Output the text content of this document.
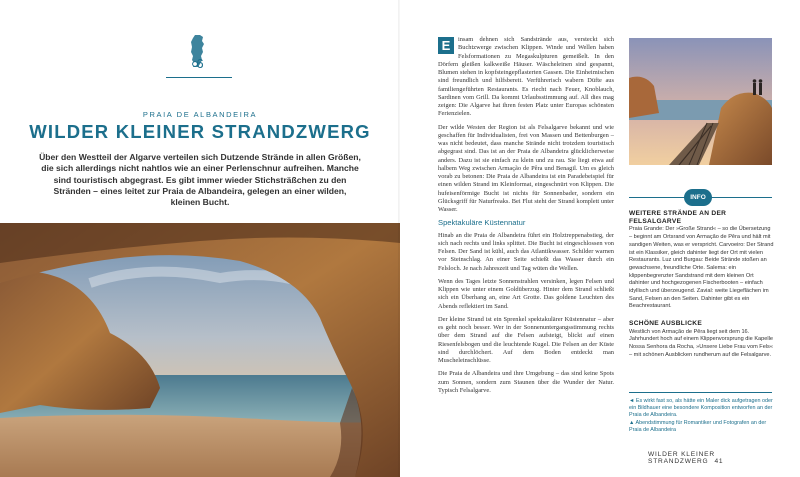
6
PRAIA DE ALBANDEIRA
WILDER KLEINER STRANDZWERG
Über den Westteil der Algarve verteilen sich Dutzende Strände in allen Größen, die sich allerdings nicht nahtlos wie an einer Perlenschnur aufreihen. Manche sind touristisch abgegrast. Es gibt immer wieder Stichsträßchen zu den Stränden – eines leitet zur Praia de Albandeira, gelegen an einer wilden, kleinen Bucht.

E	insam dehnen sich Sandstrände aus, versteckt sich Buchtzwerge zwischen Klippen. Winde und Wellen haben Felsformationen zu Megaskulpturen gemeißelt. In den Dörfern gleißen kalkweiße Häuser. Wäscheleinen sind gespannt, Blumen stehen in kopfsteingepflasterten Gassen. Die Einheimischen sind freundlich und hilfsbereit. Verführerisch wabern Düfte aus familiengeführten Restaurants. Es riecht nach Feuer, Knoblauch, Sardinen vom Grill. Da kommt Urlaubsstimmung auf. All dies mag zeigen: Die Algarve hat ihren festen Platz unter Europas schönsten Ferienzielen.

Der wilde Westen der Region ist als Felsalgarve bekannt und wie geschaffen für Individualisten, frei von Massen und Bettenburgen – was nicht bedeutet, dass manche Strände nicht trotzdem touristisch abgegrast sind. Das ist an der Praia de Albandeira glücklicherweise anders. Dazu ist sie einfach zu klein und zu rau. Sie liegt etwa auf halbem Weg zwischen Armação de Pêra und Benagil. Um es gleich vorab zu betonen: Die Praia de Albandeira ist ein Paradebeispiel für einen wilden Strand im Kleinformat, eingeschnürt von Klippen. Die hufeisenförmige Bucht ist nichts für Sonnenbader, sondern ein Glücksgriff für Naturfreaks. Bei Flut steht der Strand komplett unter Wasser.

Spektakuläre Küstennatur

Hinab an die Praia de Albandeira führt ein Holztreppenabstieg, der sich nach rechts und links splittet. Die Bucht ist eingeschlossen von Felsen. Der Sand ist kühl, auch das Atlantikwasser. Schilder warnen vor Steinschlag. An einer Seite schießt das Wasser durch ein Felsloch. Je nach Jahreszeit und Tag wüten die Wellen.

Wenn des Tages letzte Sonnenstrahlen versinken, legen Felsen und Klippen wie unter einem Goldüberzug. Hinter dem Strand schließt sich ein Überhang an, eine Art Grotte. Das goldene Leuchten des Abends reflektiert im Sand.

Der kleine Strand ist ein Sprenkel spektakulärer Küstennatur – aber es geht noch besser. Wer in der Sonnenuntergangsstimmung rechts über dem Strand auf die Felsen aufsteigt, blickt auf einen Riesenfelsbogen und die leuchtende Kugel. Die Felsen an der Küste sind durchlöchert. Auf dem Boden entdeckt man Muscheleinschlüsse.

Die Praia de Albandeira und ihre Umgebung – das sind keine Spots zum Sonnen, sondern zum Staunen über die Wunder der Natur. Typisch Felsalgarve.

INFO
WEITERE STRÄNDE AN DER FELSALGARVE
Praia Grande: Der »Große Strand« – so die Übersetzung – beginnt am Ortsrand von Armação de Pêra und hält mit sandigen Weiten, was er verspricht. Carvoeiro: Der Strand ist ein Klassiker, gleich dahinter liegt der Ort mit vielen Restaurants. Luz und Burgau: Beide Strände stoßen an gewachsene, freundliche Orte. Salema: ein klippenbegrenzter Sandstrand mit dem kleinen Ort dahinter und hochgezogenen Fischerbooten – einfach idyllisch und überzeugend. Zavial: weite Liegeflächen im Sand, Felsen an den Seiten. Dahinter gibt es ein Beachrestaurant.
SCHÖNE AUSBLICKE
Westlich von Armação de Pêra liegt seit dem 16. Jahrhundert hoch auf einem Klippenvorsprung die Kapelle Nossa Senhora da Rocha, »Unsere Liebe Frau vom Fels« – mit schönen Ausblicken rundherum auf die Felsalgarve.
◄ Es wirkt fast so, als hätte ein Maler dick aufgetragen oder ein Bildhauer eine besondere Komposition entworfen an der Praia de Albandeira.
▲ Abendstimmung für Romantiker und Fotografen an der Praia de Albandeira
WILDER KLEINER STRANDZWERG 41
